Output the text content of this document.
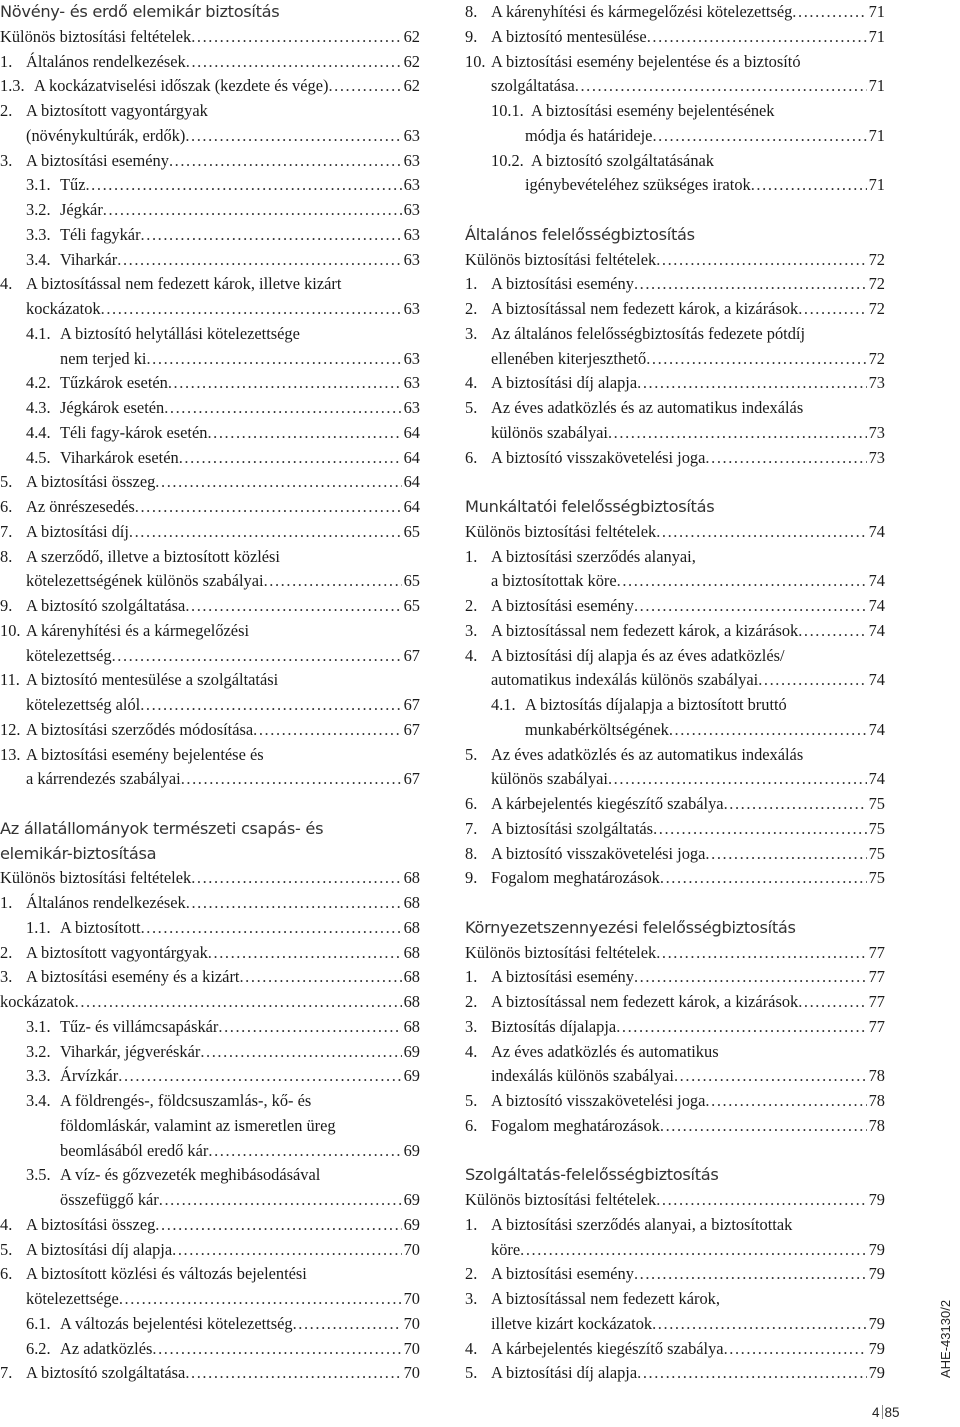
Növény- és erdő elemikár biztosítás
Különös biztosítási feltételek .....	62
1. Általános rendelkezések .....	62
1.3. A kockázatviselési időszak (kezdete és vége) .....	62
2. A biztosított vagyontárgyak
(növénykultúrák, erdők) .....	63
3. A biztosítási esemény .....	63
3.1. Tűz .....	63
3.2. Jégkár .....	63
3.3. Téli fagykár .....	63
3.4. Viharkár .....	63
4. A biztosítással nem fedezett károk, illetve kizárt
kockázatok .....	63
4.1. A biztosító helytállási kötelezettsége
nem terjed ki .....	63
4.2. Tűzkárok esetén .....	63
4.3. Jégkárok esetén .....	63
4.4. Téli fagy-károk esetén .....	64
4.5. Viharkárok esetén .....	64
5. A biztosítási összeg .....	64
6. Az önrészesedés .....	64
7. A biztosítási díj .....	65
8. A szerződő, illetve a biztosított közlési
kötelezettségének különös szabályai .....	65
9. A biztosító szolgáltatása .....	65
10. A kárenyhítési és a kármegelőzési
kötelezettség .....	67
11. A biztosító mentesülése a szolgáltatási
kötelezettség alól .....	67
12. A biztosítási szerződés módosítása .....	67
13. A biztosítási esemény bejelentése és
a kárrendezés szabályai .....	67
Az állatállományok természeti csapás- és
elemikár-biztosítása
Különös biztosítási feltételek .....	68
1. Általános rendelkezések .....	68
1.1. A biztosított .....	68
2. A biztosított vagyontárgyak .....	68
3. A biztosítási esemény és a kizárt .....	68
kockázatok .....	68
3.1. Tűz- és villámcsapáskár .....	68
3.2. Viharkár, jégveréskár .....	69
3.3. Árvízkár .....	69
3.4. A földrengés-, földcsuszamlás-, kő- és
földomláskár, valamint az ismeretlen üreg
beomlásából eredő kár .....	69
3.5. A víz- és gőzvezeték meghibásodásával
összefüggő kár .....	69
4. A biztosítási összeg .....	69
5. A biztosítási díj alapja .....	70
6. A biztosított közlési és változás bejelentési
kötelezettsége .....	70
6.1. A változás bejelentési kötelezettség .....	70
6.2. Az adatközlés .....	70
7. A biztosító szolgáltatása .....	70
8. A kárenyhítési és kármegelőzési kötelezettség .....	71
9. A biztosító mentesülése .....	71
10. A biztosítási esemény bejelentése és a biztosító
szolgáltatása .....	71
10.1. A biztosítási esemény bejelentésének
módja és határideje .....	71
10.2. A biztosító szolgáltatásának
igénybevételéhez szükséges iratok .....	71
Általános felelősségbiztosítás
Különös biztosítási feltételek .....	72
1. A biztosítási esemény .....	72
2. A biztosítással nem fedezett károk, a kizárások .....	72
3. Az általános felelősségbiztosítás fedezete pótdíj
ellenében kiterjeszthető .....	72
4. A biztosítási díj alapja .....	73
5. Az éves adatközlés és az automatikus indexálás
különös szabályai .....	73
6. A biztosító visszakövetelési joga .....	73
Munkáltatói felelősségbiztosítás
Különös biztosítási feltételek .....	74
1. A biztosítási szerződés alanyai,
a biztosítottak köre .....	74
2. A biztosítási esemény .....	74
3. A biztosítással nem fedezett károk, a kizárások .....	74
4. A biztosítási díj alapja és az éves adatközlés/
automatikus indexálás különös szabályai .....	74
4.1. A biztosítás díjalapja a biztosított bruttó
munkabérköltségének .....	74
5. Az éves adatközlés és az automatikus indexálás
különös szabályai .....	74
6. A kárbejelentés kiegészítő szabálya .....	75
7. A biztosítási szolgáltatás .....	75
8. A biztosító visszakövetelési joga .....	75
9. Fogalom meghatározások .....	75
Környezetszennyezési felelősségbiztosítás
Különös biztosítási feltételek .....	77
1. A biztosítási esemény .....	77
2. A biztosítással nem fedezett károk, a kizárások .....	77
3. Biztosítás díjalapja .....	77
4. Az éves adatközlés és automatikus
indexálás különös szabályai .....	78
5. A biztosító visszakövetelési joga .....	78
6. Fogalom meghatározások .....	78
Szolgáltatás-felelősségbiztosítás
Különös biztosítási feltételek .....	79
1. A biztosítási szerződés alanyai, a biztosítottak
köre .....	79
2. A biztosítási esemény .....	79
3. A biztosítással nem fedezett károk,
illetve kizárt kockázatok .....	79
4. A kárbejelentés kiegészítő szabálya .....	79
5. A biztosítási díj alapja .....	79	AHE-43130/2
4 85
